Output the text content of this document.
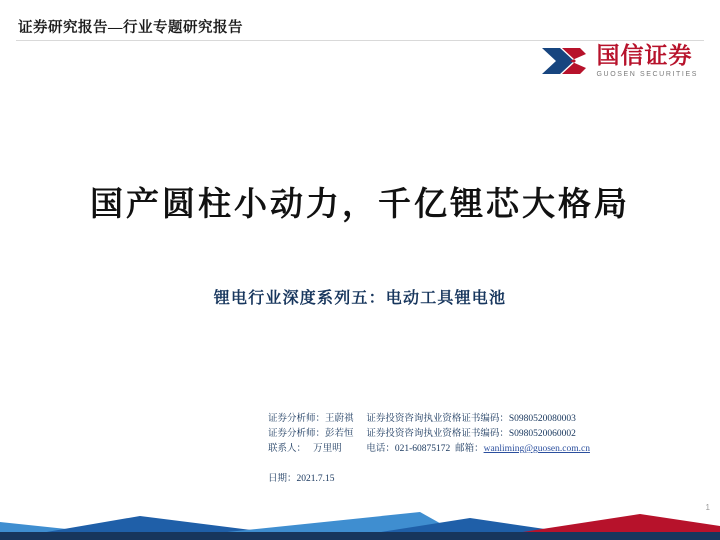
证券研究报告—行业专题研究报告
国信证券
GUOSEN SECURITIES
国产圆柱小动力，千亿锂芯大格局
锂电行业深度系列五：电动工具锂电池
证券分析师：王蔚祺 证券投资咨询执业资格证书编码：S0980520080003
证券分析师：彭若恒 证券投资咨询执业资格证书编码：S0980520060002
联系人： 万里明	电话：021-60875172 邮箱：wanliming@guosen.com.cn
日期：2021.7.15
1
